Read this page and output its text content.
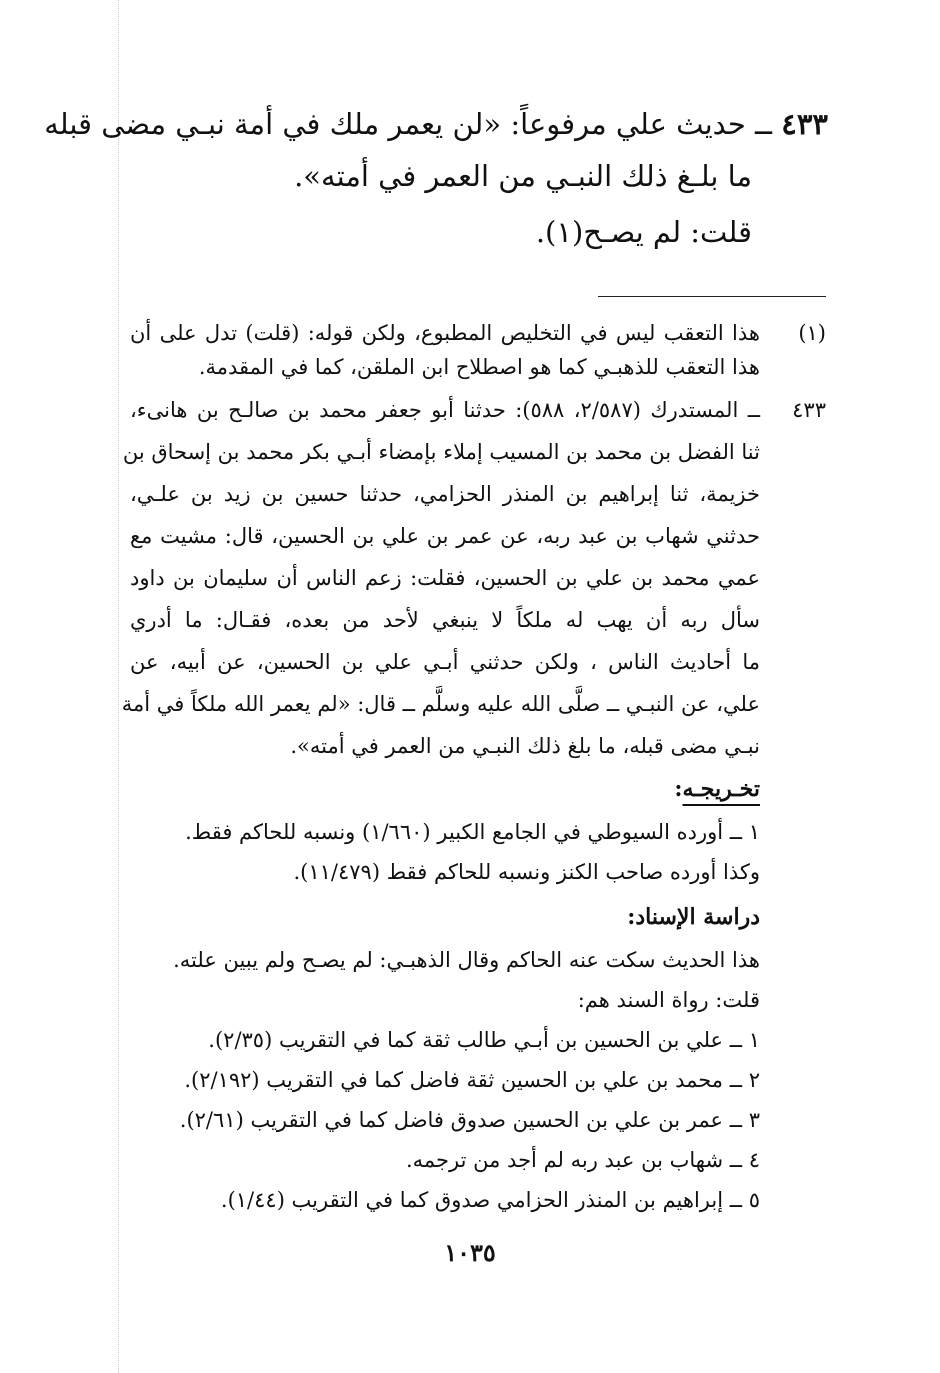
٤٣٣ ــ حديث علي مرفوعاً: «لن يعمر ملك في أمة نبـي مضى قبله
ما بلـغ ذلك النبـي من العمر في أمته».
قلت: لم يصـح(١).
(١)
هذا التعقب ليس في التخليص المطبوع، ولكن قوله: (قلت) تدل على أن
هذا التعقب للذهبـي كما هو اصطلاح ابن الملقن، كما في المقدمة.
٤٣٣
ــ المستدرك (٢/٥٨٧، ٥٨٨): حدثنا أبو جعفر محمد بن صالـح بن هانىء،
ثنا الفضل بن محمد بن المسيب إملاء بإمضاء أبـي بكر محمد بن إسحاق بن
خزيمة، ثنا إبراهيم بن المنذر الحزامي، حدثنا حسين بن زيد بن علـي،
حدثني شهاب بن عبد ربه، عن عمر بن علي بن الحسين، قال: مشيت مع
عمي محمد بن علي بن الحسين، فقلت: زعم الناس أن سليمان بن داود
سأل ربه أن يهب له ملكاً لا ينبغي لأحد من بعده، فقـال: ما أدري
ما أحاديث الناس ، ولكن حدثني أبـي علي بن الحسين، عن أبيه، عن
علي، عن النبـي ــ صلَّى الله عليه وسلَّم ــ قال: «لم يعمر الله ملكاً في أمة
نبـي مضى قبله، ما بلغ ذلك النبـي من العمر في أمته».
تخـريجـه:
١ ــ أورده السيوطي في الجامع الكبير (١/٦٦٠) ونسبه للحاكم فقط.
وكذا أورده صاحب الكنز ونسبه للحاكم فقط (١١/٤٧٩).
دراسة الإسناد:
هذا الحديث سكت عنه الحاكم وقال الذهبـي: لم يصـح ولم يبين علته.
قلت: رواة السند هم:
١ ــ علي بن الحسين بن أبـي طالب ثقة كما في التقريب (٢/٣٥).
٢ ــ محمد بن علي بن الحسين ثقة فاضل كما في التقريب (٢/١٩٢).
٣ ــ عمر بن علي بن الحسين صدوق فاضل كما في التقريب (٢/٦١).
٤ ــ شهاب بن عبد ربه لم أجد من ترجمه.
٥ ــ إبراهيم بن المنذر الحزامي صدوق كما في التقريب (١/٤٤).
١٠٣٥
